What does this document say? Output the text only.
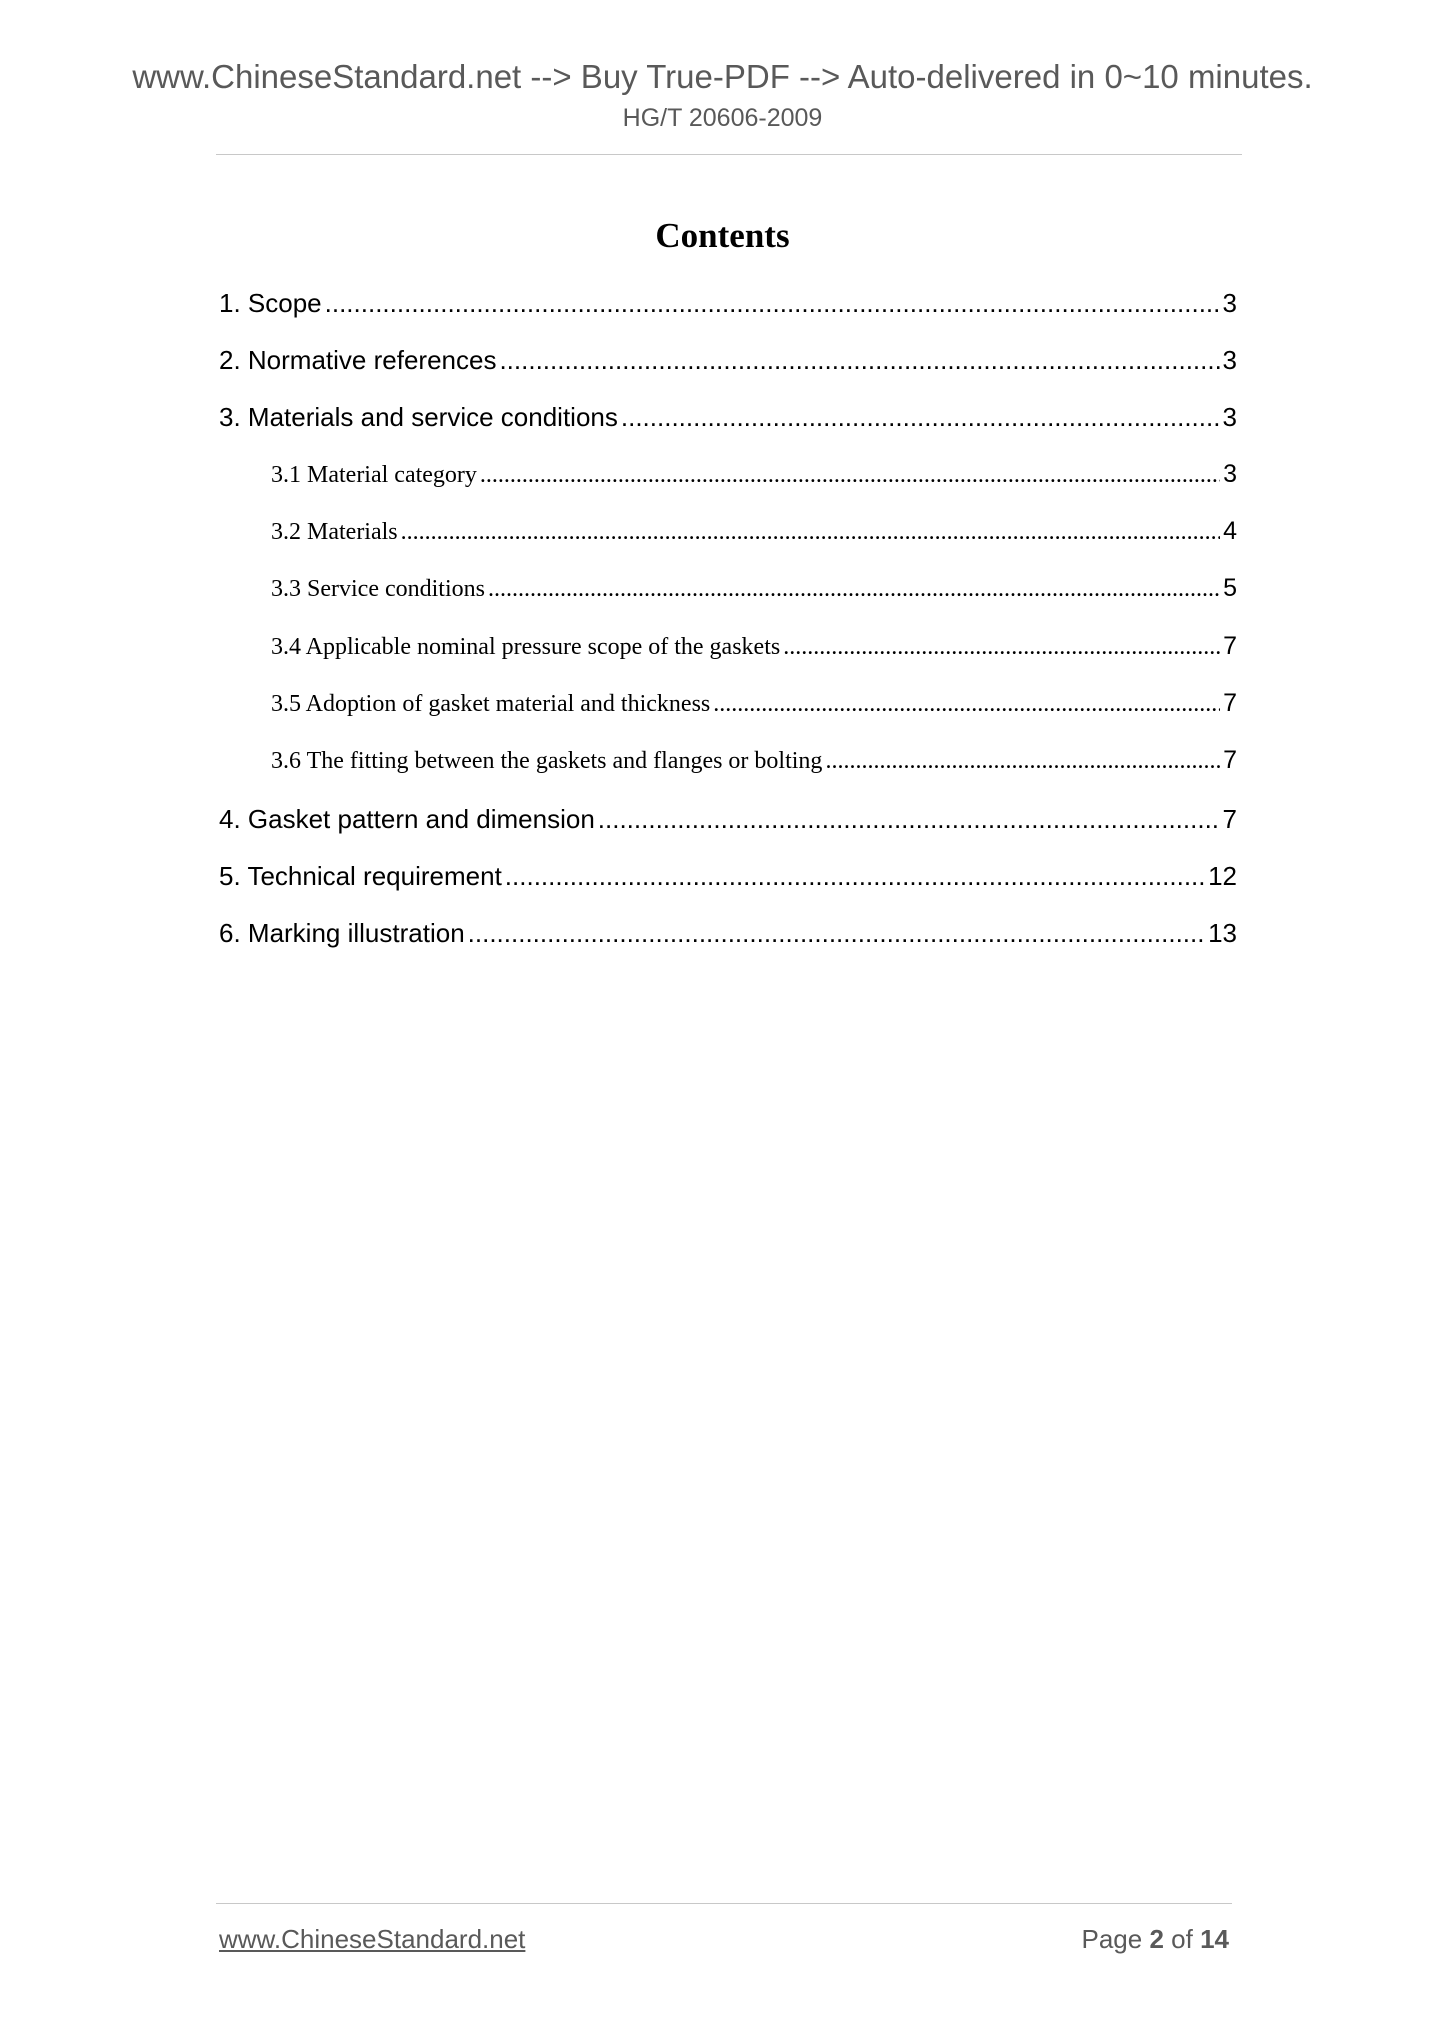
www.ChineseStandard.net --> Buy True-PDF --> Auto-delivered in 0~10 minutes.
HG/T 20606-2009
Contents
1. Scope .....	3
2. Normative references .....	3
3. Materials and service conditions .....	3
3.1 Material category .....	3
3.2 Materials .....	4
3.3 Service conditions .....	5
3.4 Applicable nominal pressure scope of the gaskets .....	7
3.5 Adoption of gasket material and thickness .....	7
3.6 The fitting between the gaskets and flanges or bolting .....	7
4. Gasket pattern and dimension .....	7
5. Technical requirement .....	12
6. Marking illustration .....	13
www.ChineseStandard.net	Page 2 of 14
